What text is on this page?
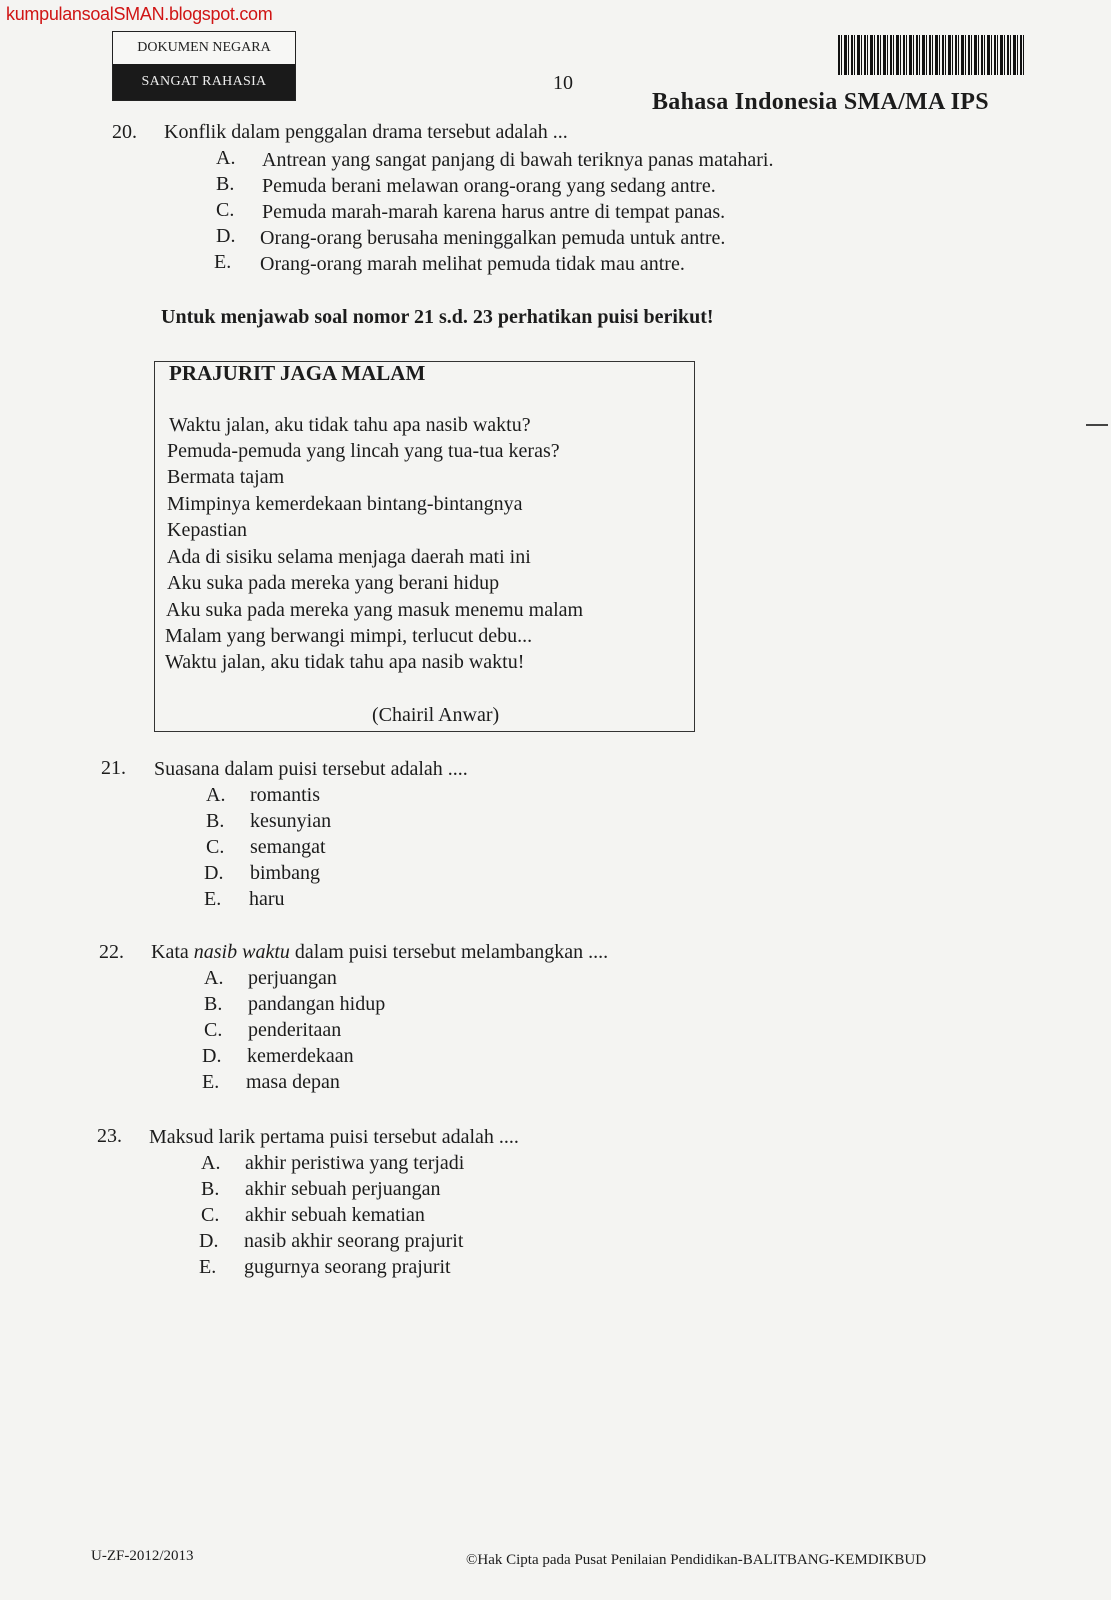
kumpulansoalSMAN.blogspot.com
DOKUMEN NEGARA
SANGAT RAHASIA	10
Bahasa Indonesia SMA/MA IPS
20. Konflik dalam penggalan drama tersebut adalah ...
A. Antrean yang sangat panjang di bawah teriknya panas matahari.
B. Pemuda berani melawan orang-orang yang sedang antre.
C. Pemuda marah-marah karena harus antre di tempat panas.
D. Orang-orang berusaha meninggalkan pemuda untuk antre.
E. Orang-orang marah melihat pemuda tidak mau antre.
Untuk menjawab soal nomor 21 s.d. 23 perhatikan puisi berikut!
PRAJURIT JAGA MALAM
Waktu jalan, aku tidak tahu apa nasib waktu?
Pemuda-pemuda yang lincah yang tua-tua keras?
Bermata tajam
Mimpinya kemerdekaan bintang-bintangnya
Kepastian
Ada di sisiku selama menjaga daerah mati ini
Aku suka pada mereka yang berani hidup
Aku suka pada mereka yang masuk menemu malam
Malam yang berwangi mimpi, terlucut debu...
Waktu jalan, aku tidak tahu apa nasib waktu!
(Chairil Anwar)
21. Suasana dalam puisi tersebut adalah ....
A. romantis
B. kesunyian
C. semangat
D. bimbang
E. haru
22. Kata nasib waktu dalam puisi tersebut melambangkan ....
A. perjuangan
B. pandangan hidup
C. penderitaan
D. kemerdekaan
E. masa depan
23. Maksud larik pertama puisi tersebut adalah ....
A. akhir peristiwa yang terjadi
B. akhir sebuah perjuangan
C. akhir sebuah kematian
D. nasib akhir seorang prajurit
E. gugurnya seorang prajurit
U-ZF-2012/2013	©Hak Cipta pada Pusat Penilaian Pendidikan-BALITBANG-KEMDIKBUD
